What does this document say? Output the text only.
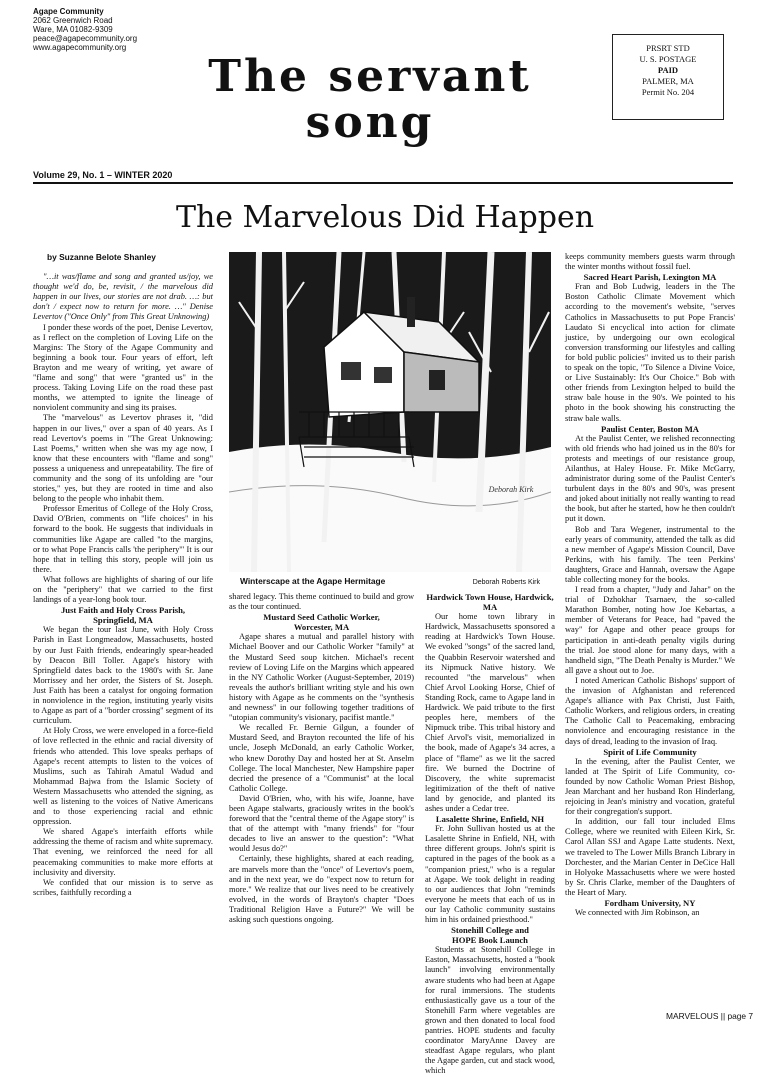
Agape Community
2062 Greenwich Road
Ware, MA 01082-9309
peace@agapecommunity.org
www.agapecommunity.org	PRSRT STD
U. S. POSTAGE
PAID
PALMER, MA
Permit No. 204
The servant
song
Volume 29, No. 1 – WINTER 2020
The Marvelous Did Happen
by Suzanne Belote Shanley

"…it was/flame and song and granted us/joy, we thought we'd do, be, revisit, / the marvelous did happen in our lives, our stories are not drab. …: but don't / expect now to return for more. …" Denise Levertov ("Once Only" from This Great Unknowing)

I ponder these words of the poet, Denise Levertov, as I reflect on the completion of Loving Life on the Margins: The Story of the Agape Community and beginning a book tour. Four years of effort, left Brayton and me weary of writing, yet aware of "flame and song" that were "granted us" in the process. Taking Loving Life on the road these past months, we attempted to ignite the lineage of nonviolent community and sing its praises.

The "marvelous" as Levertov phrases it, "did happen in our lives," over a span of 40 years. As I read Levertov's poems in "The Great Unknowing: Last Poems," written when she was my age now, I know that these encounters with "flame and song" possess a uniqueness and unrepeatability. The fire of community and the song of its unfolding are "our stories," yes, but they are rooted in time and also belong to the people who inhabit them.

Professor Emeritus of College of the Holy Cross, David O'Brien, comments on "life choices" in his forward to the book. He suggests that individuals in communities like Agape are called "to the margins, or to what Pope Francis calls 'the periphery'" It is our hope that in telling this story, people will join us there.

What follows are highlights of sharing of our life on the "periphery" that we carried to the first landings of a year-long book tour.

Just Faith and Holy Cross Parish,
Springfield, MA

We began the tour last June, with Holy Cross Parish in East Longmeadow, Massachusetts, hosted by our Just Faith friends, endearingly spear-headed by Deacon Bill Toller. Agape's history with Springfield dates back to the 1980's with Sr. Jane Morrissey and her order, the Sisters of St. Joseph. Just Faith has been a catalyst for ongoing formation in nonviolence in the region, instituting yearly visits to Agape as part of a "border crossing" segment of its curriculum.

At Holy Cross, we were enveloped in a force-field of love reflected in the ethnic and racial diversity of friends who attended. This love speaks perhaps of Agape's recent attempts to listen to the voices of Muslims, such as Tahirah Amatul Wadud and Mohammad Bajwa from the Islamic Society of Western Massachusetts who attended the signing, as well as listening to the voices of Native Americans and to those experiencing racial and ethnic oppression.

We shared Agape's interfaith efforts while addressing the theme of racism and white supremacy. That evening, we reinforced the need for all peacemaking communities to make more efforts at inclusivity and diversity.

We confided that our mission is to serve as scribes, faithfully recording a

Deborah Kirk
Winterscape at the Agape Hermitage	Deborah Roberts Kirk

shared legacy. This theme continued to build and grow as the tour continued.

Mustard Seed Catholic Worker,
Worcester, MA

Agape shares a mutual and parallel history with Michael Boover and our Catholic Worker "family" at the Mustard Seed soup kitchen. Michael's recent review of Loving Life on the Margins which appeared in the NY Catholic Worker (August-September, 2019) reveals the author's brilliant writing style and his own history with Agape as he comments on the "synthesis and newness" in our following together traditions of "utopian community's visionary, pacifist mantle."

We recalled Fr. Bernie Gilgun, a founder of Mustard Seed, and Brayton recounted the life of his uncle, Joseph McDonald, an early Catholic Worker, who knew Dorothy Day and hosted her at St. Anselm College. The local Manchester, New Hampshire paper decried the presence of a "Communist" at the local Catholic College.

David O'Brien, who, with his wife, Joanne, have been Agape stalwarts, graciously writes in the book's foreword that the "central theme of the Agape story" is that of the attempt with "many friends" for "four decades to live an answer to the question": "What would Jesus do?"

Certainly, these highlights, shared at each reading, are marvels more than the "once" of Levertov's poem, and in the next year, we do "expect now to return for more." We realize that our lives need to be creatively evolved, in the words of Brayton's chapter "Does Traditional Religion Have a Future?" We will be asking such questions ongoing.

Hardwick Town House, Hardwick, MA

Our home town library in Hardwick, Massachusetts sponsored a reading at Hardwick's Town House. We evoked "songs" of the sacred land, the Quabbin Reservoir watershed and its Nipmuck Native history. We recounted "the marvelous" when Chief Arvol Looking Horse, Chief of Standing Rock, came to Agape land in Hardwick. We paid tribute to the first peoples here, members of the Nipmuck tribe. This tribal history and Chief Arvol's visit, memorialized in the book, made of Agape's 34 acres, a place of "flame" as we lit the sacred fire. We burned the Doctrine of Discovery, the white supremacist legitimization of the theft of native land by genocide, and planted its ashes under a Cedar tree.

Lasalette Shrine, Enfield, NH

Fr. John Sullivan hosted us at the Lasalette Shrine in Enfield, NH, with three different groups. John's spirit is captured in the pages of the book as a "companion priest," who is a regular at Agape. We took delight in reading to our audiences that John "reminds everyone he meets that each of us in our lay Catholic community sustains him in his ordained priesthood."

Stonehill College and
HOPE Book Launch

Students at Stonehill College in Easton, Massachusetts, hosted a "book launch" involving environmentally aware students who had been at Agape for rural immersions. The students enthusiastically gave us a tour of the Stonehill Farm where vegetables are grown and then donated to local food pantries. HOPE students and faculty coordinator MaryAnne Davey are steadfast Agape regulars, who plant the Agape garden, cut and stack wood, which

keeps community members guests warm through the winter months without fossil fuel.

Sacred Heart Parish, Lexington MA

Fran and Bob Ludwig, leaders in the The Boston Catholic Climate Movement which according to the movement's website, "serves Catholics in Massachusetts to put Pope Francis' Laudato Si encyclical into action for climate justice, by undergoing our own ecological conversion transforming our lifestyles and calling for bold public policies" invited us to their parish to speak on the topic, "To Silence a Divine Voice, or Live Sustainably: It's Our Choice." Bob with other friends from Lexington helped to build the straw bale house in the 90's. We pointed to his photo in the book showing his constructing the straw bale walls.

Paulist Center, Boston MA

At the Paulist Center, we relished reconnecting with old friends who had joined us in the 80's for protests and meetings of our resistance group, Ailanthus, at Haley House. Fr. Mike McGarry, administrator during some of the Paulist Center's turbulent days in the 80's and 90's, was present and joked about initially not really wanting to read the book, but after he started, how he then couldn't put it down.

Bob and Tara Wegener, instrumental to the early years of community, attended the talk as did a new member of Agape's Mission Council, Dave Perkins, with his family. The teen Perkins' daughters, Grace and Hannah, oversaw the Agape table collecting money for the books.

I read from a chapter, "Judy and Jahar" on the trial of Dzhokhar Tsarnaev, the so-called Marathon Bomber, noting how Joe Kebartas, a member of Veterans for Peace, had "paved the way" for Agape and other peace groups for participation in anti-death penalty vigils during the trial. Joe stood alone for many days, with a handheld sign, "The Death Penalty is Murder." We all gave a shout out to Joe.

I noted American Catholic Bishops' support of the invasion of Afghanistan and referenced Agape's alliance with Pax Christi, Just Faith, Catholic Workers, and religious orders, in creating The Catholic Call to Peacemaking, embracing nonviolence and encouraging resistance in the days of dread, leading to the invasion of Iraq.

Spirit of Life Community

In the evening, after the Paulist Center, we landed at The Spirit of Life Community, co-founded by now Catholic Woman Priest Bishop, Jean Marchant and her husband Ron Hinderlang, rejoicing in Jean's ministry and vocation, grateful for their congregation's support.

In addition, our fall tour included Elms College, where we reunited with Eileen Kirk, Sr. Carol Allan SSJ and Agape Latte students. Next, we traveled to The Lower Mills Branch Library in Dorchester, and the Marian Center in DeCice Hall in Holyoke Massachusetts where we were hosted by Sr. Chris Clarke, member of the Daughters of the Heart of Mary.

Fordham University, NY

We connected with Jim Robinson, an

MARVELOUS || page 7
